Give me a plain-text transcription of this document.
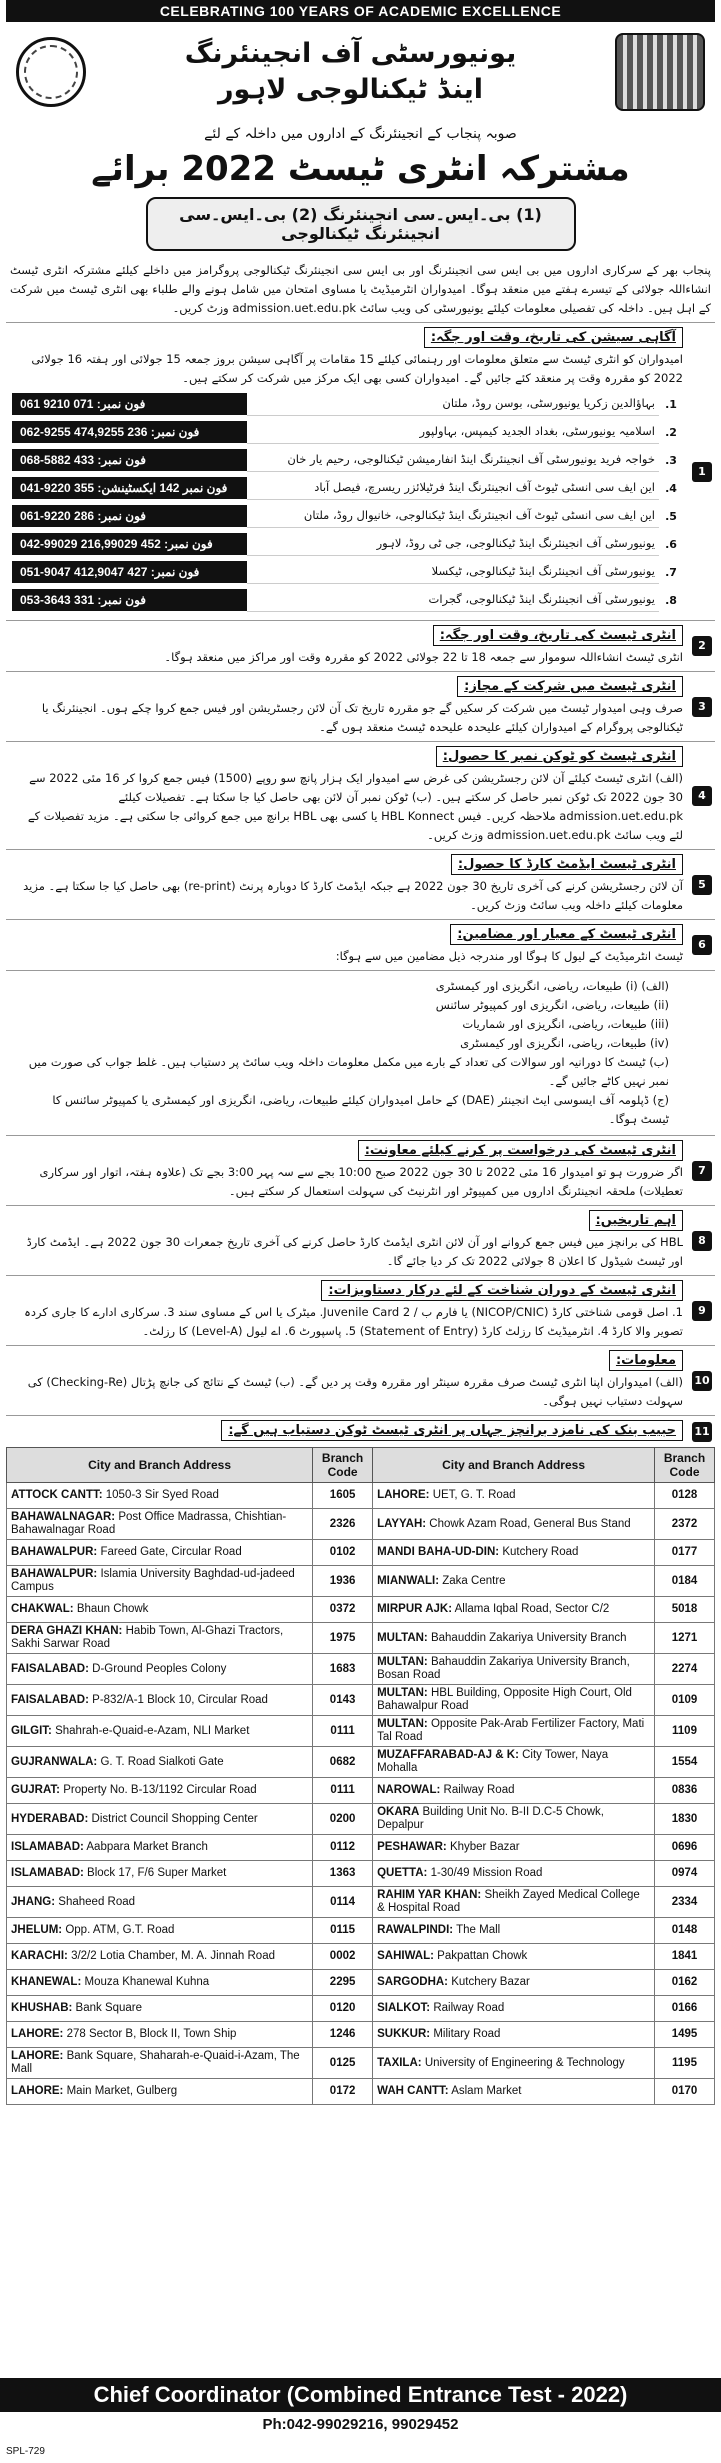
CELEBRATING 100 YEARS OF ACADEMIC EXCELLENCE
یونیورسٹی آف انجینئرنگ
اینڈ ٹیکنالوجی لاہور
صوبہ پنجاب کے انجینئرنگ کے اداروں میں داخلہ کے لئے
مشترکہ انٹری ٹیسٹ 2022 برائے
(1) بی۔ایس۔سی انجینئرنگ (2) بی۔ایس۔سی انجینئرنگ ٹیکنالوجی
پنجاب بھر کے سرکاری اداروں میں بی ایس سی انجینئرنگ اور بی ایس سی انجینئرنگ ٹیکنالوجی پروگرامز میں داخلے کیلئے مشترکہ انٹری ٹیسٹ انشاءاللہ جولائی کے تیسرے ہفتے میں منعقد ہوگا۔ امیدواران انٹرمیڈیٹ یا مساوی امتحان میں شامل ہونے والے طلباء بھی انٹری ٹیسٹ میں شرکت کے اہل ہیں۔ داخلہ کی تفصیلی معلومات کیلئے یونیورسٹی کی ویب سائٹ admission.uet.edu.pk وزٹ کریں۔
1
آگاہی سیشن کی تاریخ، وقت اور جگہ:
امیدواران کو انٹری ٹیسٹ سے متعلق معلومات اور رہنمائی کیلئے 15 مقامات پر آگاہی سیشن بروز جمعہ 15 جولائی اور ہفتہ 16 جولائی 2022 کو مقررہ وقت پر منعقد کئے جائیں گے۔ امیدواران کسی بھی ایک مرکز میں شرکت کر سکتے ہیں۔
1.
بہاؤالدین زکریا یونیورسٹی، بوسن روڈ، ملتان
061 9210 071 :فون نمبر
2.
اسلامیہ یونیورسٹی، بغداد الجدید کیمپس، بہاولپور
062-9255 474,9255 236 :فون نمبر
3.
خواجہ فرید یونیورسٹی آف انجینئرنگ اینڈ انفارمیشن ٹیکنالوجی، رحیم یار خان
068-5882 433 :فون نمبر
4.
این ایف سی انسٹی ٹیوٹ آف انجینئرنگ اینڈ فرٹیلائزر ریسرچ، فیصل آباد
041-9220 355 :فون نمبر 142 ایکسٹینشن
5.
این ایف سی انسٹی ٹیوٹ آف انجینئرنگ اینڈ ٹیکنالوجی، خانیوال روڈ، ملتان
061-9220 286 :فون نمبر
6.
یونیورسٹی آف انجینئرنگ اینڈ ٹیکنالوجی، جی ٹی روڈ، لاہور
042-99029 216,99029 452 :فون نمبر
7.
یونیورسٹی آف انجینئرنگ اینڈ ٹیکنالوجی، ٹیکسلا
051-9047 412,9047 427 :فون نمبر
8.
یونیورسٹی آف انجینئرنگ اینڈ ٹیکنالوجی، گجرات
053-3643 331 :فون نمبر
2
انٹری ٹیسٹ کی تاریخ، وقت اور جگہ:
انٹری ٹیسٹ انشاءاللہ سوموار سے جمعہ 18 تا 22 جولائی 2022 کو مقررہ وقت اور مراکز میں منعقد ہوگا۔
3
انٹری ٹیسٹ میں شرکت کے مجاز:
صرف وہی امیدوار ٹیسٹ میں شرکت کر سکیں گے جو مقررہ تاریخ تک آن لائن رجسٹریشن اور فیس جمع کروا چکے ہوں۔ انجینئرنگ یا ٹیکنالوجی پروگرام کے امیدواران کیلئے علیحدہ علیحدہ ٹیسٹ منعقد ہوں گے۔
4
انٹری ٹیسٹ کو ٹوکن نمبر کا حصول:
(الف) انٹری ٹیسٹ کیلئے آن لائن رجسٹریشن کی غرض سے امیدوار ایک ہزار پانچ سو روپے (1500) فیس جمع کروا کر 16 مئی 2022 سے 30 جون 2022 تک ٹوکن نمبر حاصل کر سکتے ہیں۔ (ب) ٹوکن نمبر آن لائن بھی حاصل کیا جا سکتا ہے۔ تفصیلات کیلئے admission.uet.edu.pk ملاحظہ کریں۔ فیس HBL Konnect یا کسی بھی HBL برانچ میں جمع کروائی جا سکتی ہے۔ مزید تفصیلات کے لئے ویب سائٹ admission.uet.edu.pk وزٹ کریں۔
5
انٹری ٹیسٹ ایڈمٹ کارڈ کا حصول:
آن لائن رجسٹریشن کرنے کی آخری تاریخ 30 جون 2022 ہے جبکہ ایڈمٹ کارڈ کا دوبارہ پرنٹ (re-print) بھی حاصل کیا جا سکتا ہے۔ مزید معلومات کیلئے داخلہ ویب سائٹ وزٹ کریں۔
6
انٹری ٹیسٹ کے معیار اور مضامین:
ٹیسٹ انٹرمیڈیٹ کے لیول کا ہوگا اور مندرجہ ذیل مضامین میں سے ہوگا:
(الف) (i) طبیعات، ریاضی، انگریزی اور کیمسٹری
(ii) طبیعات، ریاضی، انگریزی اور کمپیوٹر سائنس
(iii) طبیعات، ریاضی، انگریزی اور شماریات
(iv) طبیعات، ریاضی، انگریزی اور کیمسٹری
(ب) ٹیسٹ کا دورانیہ اور سوالات کی تعداد کے بارے میں مکمل معلومات داخلہ ویب سائٹ پر دستیاب ہیں۔ غلط جواب کی صورت میں نمبر نہیں کاٹے جائیں گے۔
(ج) ڈپلومہ آف ایسوسی ایٹ انجینئر (DAE) کے حامل امیدواران کیلئے طبیعات، ریاضی، انگریزی اور کیمسٹری یا کمپیوٹر سائنس کا ٹیسٹ ہوگا۔
7
انٹری ٹیسٹ کی درخواست پر کرنے کیلئے معاونت:
اگر ضرورت ہو تو امیدوار 16 مئی 2022 تا 30 جون 2022 صبح 10:00 بجے سے سہ پہر 3:00 بجے تک (علاوہ ہفتہ، اتوار اور سرکاری تعطیلات) ملحقہ انجینئرنگ اداروں میں کمپیوٹر اور انٹرنیٹ کی سہولت استعمال کر سکتے ہیں۔
8
اہم تاریخیں:
HBL کی برانچز میں فیس جمع کروانے اور آن لائن انٹری ایڈمٹ کارڈ حاصل کرنے کی آخری تاریخ جمعرات 30 جون 2022 ہے۔ ایڈمٹ کارڈ اور ٹیسٹ شیڈول کا اعلان 8 جولائی 2022 تک کر دیا جائے گا۔
9
انٹری ٹیسٹ کے دوران شناخت کے لئے درکار دستاویزات:
1. اصل قومی شناختی کارڈ (NICOP/CNIC) یا فارم ب / Juvenile Card 2. میٹرک یا اس کے مساوی سند 3. سرکاری ادارے کا جاری کردہ تصویر والا کارڈ 4. انٹرمیڈیٹ کا رزلٹ کارڈ (Statement of Entry) 5. پاسپورٹ 6. اے لیول (Level-A) کا رزلٹ۔
10
معلومات:
(الف) امیدواران اپنا انٹری ٹیسٹ صرف مقررہ سینٹر اور مقررہ وقت پر دیں گے۔ (ب) ٹیسٹ کے نتائج کی جانچ پڑتال (Checking-Re) کی سہولت دستیاب نہیں ہوگی۔
11
حبیب بنک کی نامزد برانچز جہاں پر انٹری ٹیسٹ ٹوکن دستیاب ہیں گے:
City and Branch Address	Branch Code	City and Branch Address	Branch Code
ATTOCK CANTT: 1050-3 Sir Syed Road	1605	LAHORE: UET, G. T. Road	0128
BAHAWALNAGAR: Post Office Madrassa, Chishtian- Bahawalnagar Road	2326	LAYYAH: Chowk Azam Road, General Bus Stand	2372
BAHAWALPUR: Fareed Gate, Circular Road	0102	MANDI BAHA-UD-DIN: Kutchery Road	0177
BAHAWALPUR: Islamia University Baghdad-ud-jadeed Campus	1936	MIANWALI: Zaka Centre	0184
CHAKWAL: Bhaun Chowk	0372	MIRPUR AJK: Allama Iqbal Road, Sector C/2	5018
DERA GHAZI KHAN: Habib Town, Al-Ghazi Tractors, Sakhi Sarwar Road	1975	MULTAN: Bahauddin Zakariya University Branch	1271
FAISALABAD: D-Ground Peoples Colony	1683	MULTAN: Bahauddin Zakariya University Branch, Bosan Road	2274
FAISALABAD: P-832/A-1 Block 10, Circular Road	0143	MULTAN: HBL Building, Opposite High Court, Old Bahawalpur Road	0109
GILGIT: Shahrah-e-Quaid-e-Azam, NLI Market	0111	MULTAN: Opposite Pak-Arab Fertilizer Factory, Mati Tal Road	1109
GUJRANWALA: G. T. Road Sialkoti Gate	0682	MUZAFFARABAD-AJ & K: City Tower, Naya Mohalla	1554
GUJRAT: Property No. B-13/1192 Circular Road	0111	NAROWAL: Railway Road	0836
HYDERABAD: District Council Shopping Center	0200	OKARA Building Unit No. B-II D.C-5 Chowk, Depalpur	1830
ISLAMABAD: Aabpara Market Branch	0112	PESHAWAR: Khyber Bazar	0696
ISLAMABAD: Block 17, F/6 Super Market	1363	QUETTA: 1-30/49 Mission Road	0974
JHANG: Shaheed Road	0114	RAHIM YAR KHAN: Sheikh Zayed Medical College & Hospital Road	2334
JHELUM: Opp. ATM, G.T. Road	0115	RAWALPINDI: The Mall	0148
KARACHI: 3/2/2 Lotia Chamber, M. A. Jinnah Road	0002	SAHIWAL: Pakpattan Chowk	1841
KHANEWAL: Mouza Khanewal Kuhna	2295	SARGODHA: Kutchery Bazar	0162
KHUSHAB: Bank Square	0120	SIALKOT: Railway Road	0166
LAHORE: 278 Sector B, Block II, Town Ship	1246	SUKKUR: Military Road	1495
LAHORE: Bank Square, Shaharah-e-Quaid-i-Azam, The Mall	0125	TAXILA: University of Engineering & Technology	1195
LAHORE: Main Market, Gulberg	0172	WAH CANTT: Aslam Market	0170
Chief Coordinator (Combined Entrance Test - 2022)
Ph:042-99029216, 99029452
SPL-729
